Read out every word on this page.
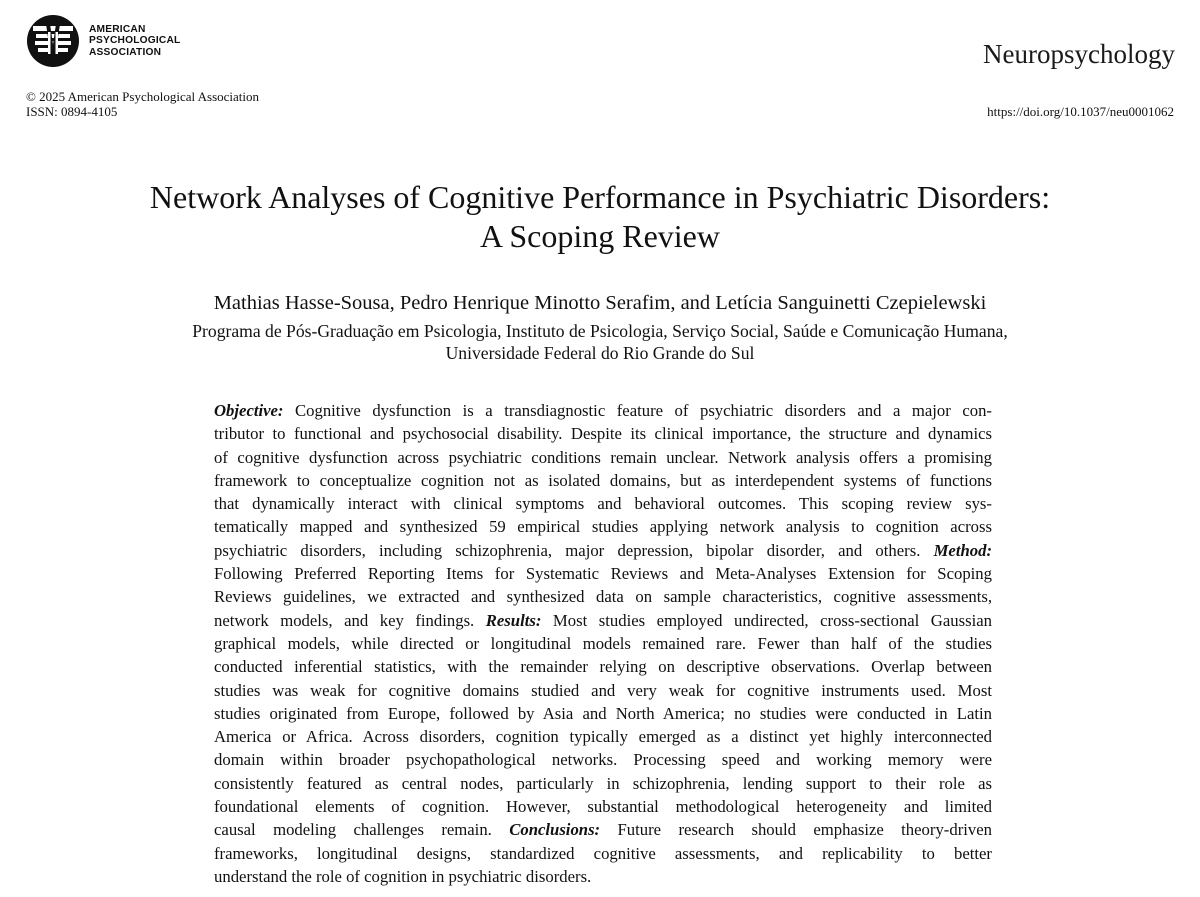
AMERICAN
PSYCHOLOGICAL
ASSOCIATION	Neuropsychology
© 2025 American Psychological Association
ISSN: 0894-4105	https://doi.org/10.1037/neu0001062
Network Analyses of Cognitive Performance in Psychiatric Disorders:
A Scoping Review
Mathias Hasse-Sousa, Pedro Henrique Minotto Serafim, and Letícia Sanguinetti Czepielewski
Programa de Pós-Graduação em Psicologia, Instituto de Psicologia, Serviço Social, Saúde e Comunicação Humana,
Universidade Federal do Rio Grande do Sul
Objective: Cognitive dysfunction is a transdiagnostic feature of psychiatric disorders and a major con-
tributor to functional and psychosocial disability. Despite its clinical importance, the structure and dynamics
of cognitive dysfunction across psychiatric conditions remain unclear. Network analysis offers a promising
framework to conceptualize cognition not as isolated domains, but as interdependent systems of functions
that dynamically interact with clinical symptoms and behavioral outcomes. This scoping review sys-
tematically mapped and synthesized 59 empirical studies applying network analysis to cognition across
psychiatric disorders, including schizophrenia, major depression, bipolar disorder, and others. Method:
Following Preferred Reporting Items for Systematic Reviews and Meta-Analyses Extension for Scoping
Reviews guidelines, we extracted and synthesized data on sample characteristics, cognitive assessments,
network models, and key findings. Results: Most studies employed undirected, cross-sectional Gaussian
graphical models, while directed or longitudinal models remained rare. Fewer than half of the studies
conducted inferential statistics, with the remainder relying on descriptive observations. Overlap between
studies was weak for cognitive domains studied and very weak for cognitive instruments used. Most
studies originated from Europe, followed by Asia and North America; no studies were conducted in Latin
America or Africa. Across disorders, cognition typically emerged as a distinct yet highly interconnected
domain within broader psychopathological networks. Processing speed and working memory were
consistently featured as central nodes, particularly in schizophrenia, lending support to their role as
foundational elements of cognition. However, substantial methodological heterogeneity and limited
causal modeling challenges remain. Conclusions: Future research should emphasize theory-driven
frameworks, longitudinal designs, standardized cognitive assessments, and replicability to better
understand the role of cognition in psychiatric disorders.
